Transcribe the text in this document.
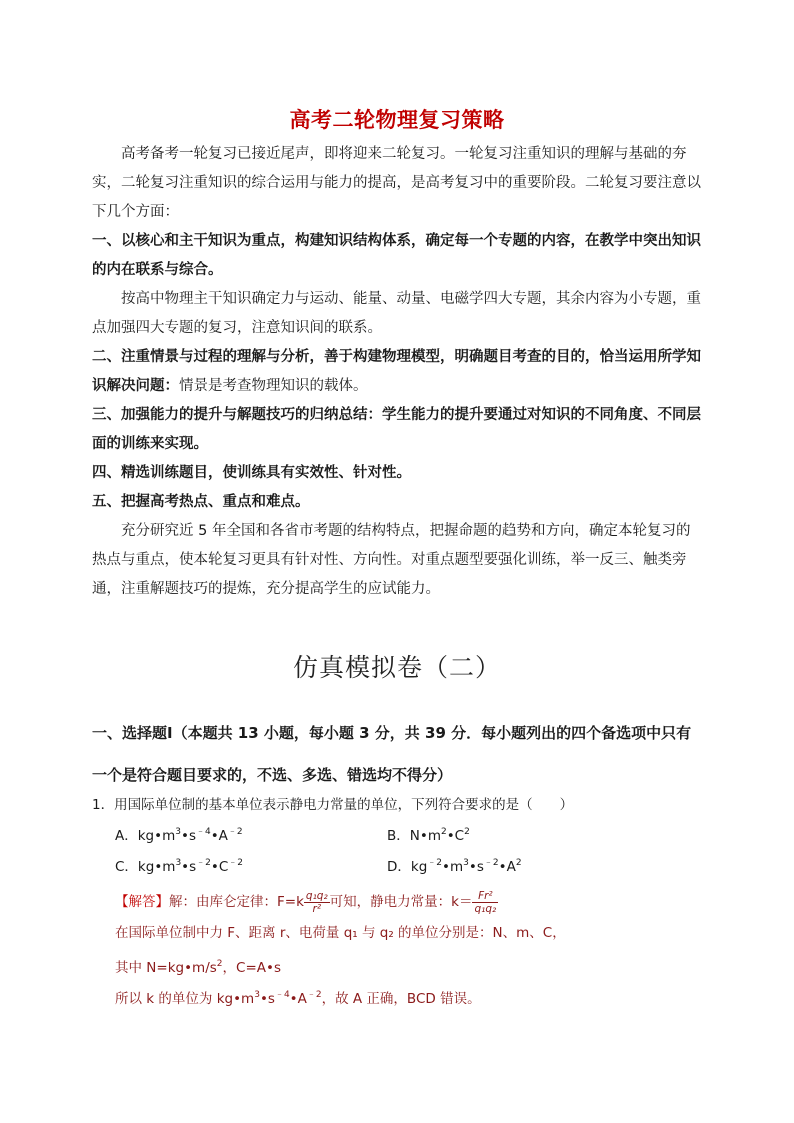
高考二轮物理复习策略

高考备考一轮复习已接近尾声，即将迎来二轮复习。一轮复习注重知识的理解与基础的夯实，二轮复习注重知识的综合运用与能力的提高，是高考复习中的重要阶段。二轮复习要注意以下几个方面：

一、以核心和主干知识为重点，构建知识结构体系，确定每一个专题的内容，在教学中突出知识的内在联系与综合。

按高中物理主干知识确定力与运动、能量、动量、电磁学四大专题，其余内容为小专题，重点加强四大专题的复习，注意知识间的联系。

二、注重情景与过程的理解与分析，善于构建物理模型，明确题目考查的目的，恰当运用所学知识解决问题：情景是考查物理知识的载体。

三、加强能力的提升与解题技巧的归纳总结：学生能力的提升要通过对知识的不同角度、不同层面的训练来实现。

四、精选训练题目，使训练具有实效性、针对性。

五、把握高考热点、重点和难点。

充分研究近 5 年全国和各省市考题的结构特点，把握命题的趋势和方向，确定本轮复习的热点与重点，使本轮复习更具有针对性、方向性。对重点题型要强化训练，举一反三、触类旁通，注重解题技巧的提炼，充分提高学生的应试能力。

仿真模拟卷（二）
一、选择题Ⅰ（本题共 13 小题，每小题 3 分，共 39 分．每小题列出的四个备选项中只有一个是符合题目要求的，不选、多选、错选均不得分）
1．用国际单位制的基本单位表示静电力常量的单位，下列符合要求的是（　　）
A．$kg•m^3•s^{﹣4}•A^{﹣2}$	B．$N•m^2•C^2$
C．$kg•m^3•s^{﹣2}•C^{﹣2}$	D．$kg^{﹣2}•m^3•s^{﹣2}•A^2$
【解答】解：由库仑定律：$F=k \frac{\text{q₁q₂}}{\text{r²}}$ 可知，静电力常量：$k= \frac{\text{Fr²}}{\text{q₁q₂}}$
在国际单位制中力 F、距离 r、电荷量 q₁ 与 q₂ 的单位分别是：N、m、C，
其中 $N=kg•m/s^2$，C=A•s
所以 k 的单位为 $kg•m^3•s^{﹣4}•A^{﹣2}$，故 A 正确，BCD 错误。
